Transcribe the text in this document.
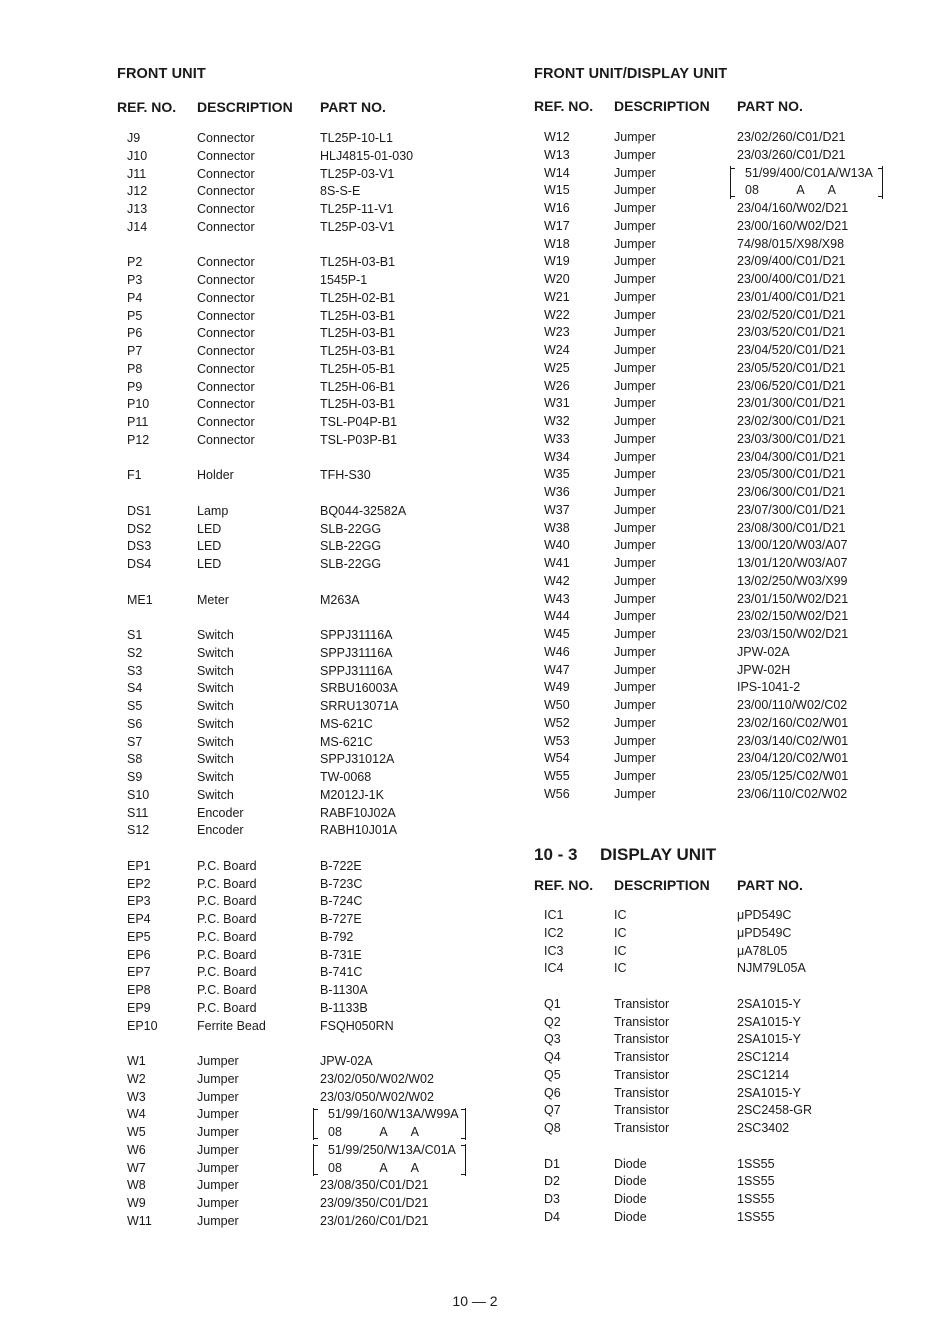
FRONT UNIT
REF. NO. DESCRIPTION PART NO.
J9	Connector	TL25P-10-L1
J10	Connector	HLJ4815-01-030
J11	Connector	TL25P-03-V1
J12	Connector	8S-S-E
J13	Connector	TL25P-11-V1
J14	Connector	TL25P-03-V1
P2	Connector	TL25H-03-B1
P3	Connector	1545P-1
P4	Connector	TL25H-02-B1
P5	Connector	TL25H-03-B1
P6	Connector	TL25H-03-B1
P7	Connector	TL25H-03-B1
P8	Connector	TL25H-05-B1
P9	Connector	TL25H-06-B1
P10	Connector	TL25H-03-B1
P11	Connector	TSL-P04P-B1
P12	Connector	TSL-P03P-B1
F1	Holder	TFH-S30
DS1	Lamp	BQ044-32582A
DS2	LED	SLB-22GG
DS3	LED	SLB-22GG
DS4	LED	SLB-22GG
ME1	Meter	M263A
S1	Switch	SPPJ31116A
S2	Switch	SPPJ31116A
S3	Switch	SPPJ31116A
S4	Switch	SRBU16003A
S5	Switch	SRRU13071A
S6	Switch	MS-621C
S7	Switch	MS-621C
S8	Switch	SPPJ31012A
S9	Switch	TW-0068
S10	Switch	M2012J-1K
S11	Encoder	RABF10J02A
S12	Encoder	RABH10J01A
EP1	P.C. Board	B-722E
EP2	P.C. Board	B-723C
EP3	P.C. Board	B-724C
EP4	P.C. Board	B-727E
EP5	P.C. Board	B-792
EP6	P.C. Board	B-731E
EP7	P.C. Board	B-741C
EP8	P.C. Board	B-1130A
EP9	P.C. Board	B-1133B
EP10	Ferrite Bead	FSQH050RN
W1	Jumper	JPW-02A
W2	Jumper	23/02/050/W02/W02
W3	Jumper	23/03/050/W02/W02
W4	Jumper	51/99/160/W13A/W99A
W5	Jumper	08           A       A
W6	Jumper	51/99/250/W13A/C01A
W7	Jumper	08           A       A
W8	Jumper	23/08/350/C01/D21
W9	Jumper	23/09/350/C01/D21
W11	Jumper	23/01/260/C01/D21
FRONT UNIT/DISPLAY UNIT
REF. NO. DESCRIPTION PART NO.
W12	Jumper	23/02/260/C01/D21
W13	Jumper	23/03/260/C01/D21
W14	Jumper	51/99/400/C01A/W13A
W15	Jumper	08           A       A
W16	Jumper	23/04/160/W02/D21
W17	Jumper	23/00/160/W02/D21
W18	Jumper	74/98/015/X98/X98
W19	Jumper	23/09/400/C01/D21
W20	Jumper	23/00/400/C01/D21
W21	Jumper	23/01/400/C01/D21
W22	Jumper	23/02/520/C01/D21
W23	Jumper	23/03/520/C01/D21
W24	Jumper	23/04/520/C01/D21
W25	Jumper	23/05/520/C01/D21
W26	Jumper	23/06/520/C01/D21
W31	Jumper	23/01/300/C01/D21
W32	Jumper	23/02/300/C01/D21
W33	Jumper	23/03/300/C01/D21
W34	Jumper	23/04/300/C01/D21
W35	Jumper	23/05/300/C01/D21
W36	Jumper	23/06/300/C01/D21
W37	Jumper	23/07/300/C01/D21
W38	Jumper	23/08/300/C01/D21
W40	Jumper	13/00/120/W03/A07
W41	Jumper	13/01/120/W03/A07
W42	Jumper	13/02/250/W03/X99
W43	Jumper	23/01/150/W02/D21
W44	Jumper	23/02/150/W02/D21
W45	Jumper	23/03/150/W02/D21
W46	Jumper	JPW-02A
W47	Jumper	JPW-02H
W49	Jumper	IPS-1041-2
W50	Jumper	23/00/110/W02/C02
W52	Jumper	23/02/160/C02/W01
W53	Jumper	23/03/140/C02/W01
W54	Jumper	23/04/120/C02/W01
W55	Jumper	23/05/125/C02/W01
W56	Jumper	23/06/110/C02/W02
10 - 3 DISPLAY UNIT
REF. NO. DESCRIPTION PART NO.
IC1	IC	μPD549C
IC2	IC	μPD549C
IC3	IC	μA78L05
IC4	IC	NJM79L05A
Q1	Transistor	2SA1015-Y
Q2	Transistor	2SA1015-Y
Q3	Transistor	2SA1015-Y
Q4	Transistor	2SC1214
Q5	Transistor	2SC1214
Q6	Transistor	2SA1015-Y
Q7	Transistor	2SC2458-GR
Q8	Transistor	2SC3402
D1	Diode	1SS55
D2	Diode	1SS55
D3	Diode	1SS55
D4	Diode	1SS55
10 — 2
